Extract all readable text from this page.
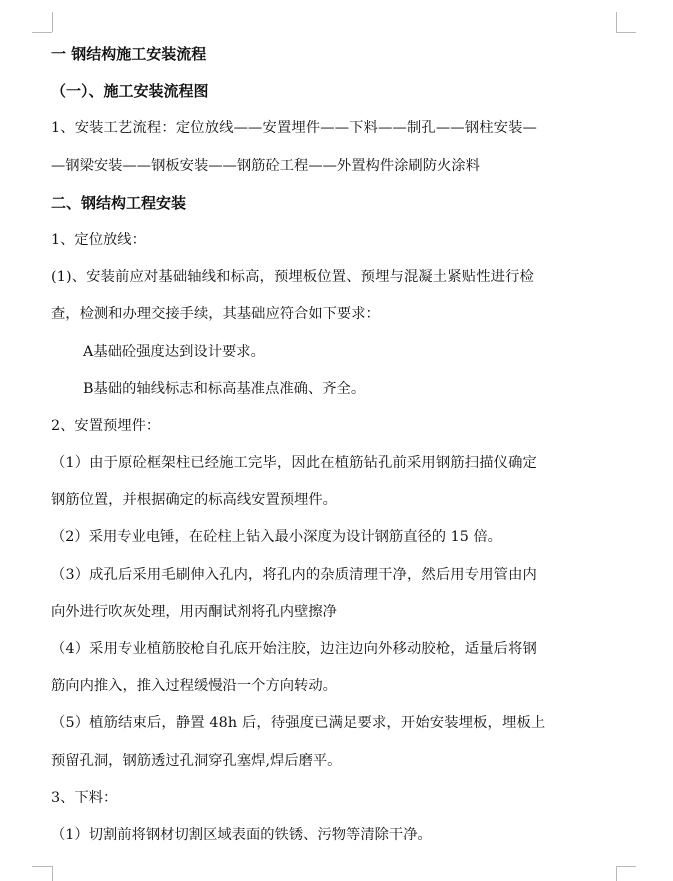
一 钢结构施工安装流程
（一）、施工安装流程图
1、安装工艺流程：定位放线——安置埋件——下料——制孔——钢柱安装—
—钢梁安装——钢板安装——钢筋砼工程——外置构件涂刷防火涂料
二、钢结构工程安装
1、定位放线：
(1)、安装前应对基础轴线和标高，预埋板位置、预埋与混凝土紧贴性进行检
查，检测和办理交接手续，其基础应符合如下要求：
A基础砼强度达到设计要求。
B基础的轴线标志和标高基准点准确、齐全。
2、安置预埋件：
（1）由于原砼框架柱已经施工完毕，因此在植筋钻孔前采用钢筋扫描仪确定
钢筋位置，并根据确定的标高线安置预埋件。
（2）采用专业电锤，在砼柱上钻入最小深度为设计钢筋直径的 15 倍。
（3）成孔后采用毛刷伸入孔内，将孔内的杂质清理干净，然后用专用管由内
向外进行吹灰处理，用丙酮试剂将孔内壁擦净
（4）采用专业植筋胶枪自孔底开始注胶，边注边向外移动胶枪，适量后将钢
筋向内推入，推入过程缓慢沿一个方向转动。
（5）植筋结束后，静置 48h 后，待强度已满足要求，开始安装埋板，埋板上
预留孔洞，钢筋透过孔洞穿孔塞焊,焊后磨平。
3、下料：
（1）切割前将钢材切割区域表面的铁锈、污物等清除干净。
